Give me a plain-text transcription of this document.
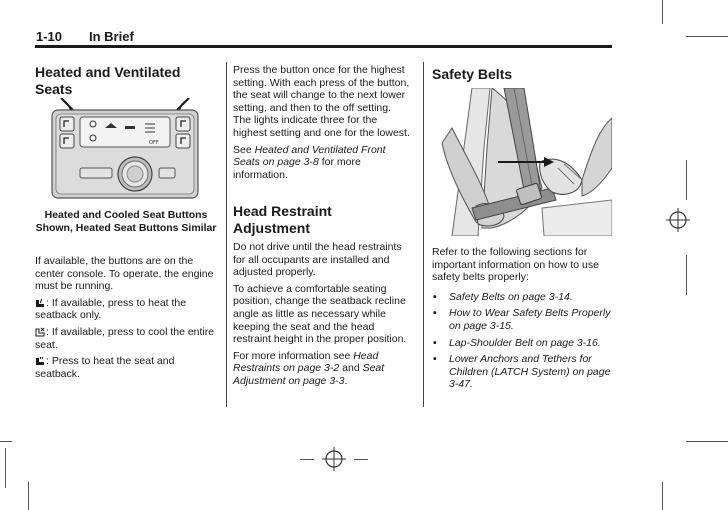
1-10 In Brief
Heated and Ventilated Seats
OFF
Heated and Cooled Seat Buttons Shown, Heated Seat Buttons Similar

If available, the buttons are on the center console. To operate, the engine must be running.

: If available, press to heat the seatback only.

: If available, press to cool the entire seat.

: Press to heat the seat and seatback.

Press the button once for the highest setting. With each press of the button, the seat will change to the next lower setting, and then to the off setting. The lights indicate three for the highest setting and one for the lowest.

See Heated and Ventilated Front Seats on page 3‑8 for more information.

Head Restraint Adjustment

Do not drive until the head restraints for all occupants are installed and adjusted properly.

To achieve a comfortable seating position, change the seatback recline angle as little as necessary while keeping the seat and the head restraint height in the proper position.

For more information see Head Restraints on page 3‑2 and Seat Adjustment on page 3‑3.

Safety Belts

Refer to the following sections for important information on how to use safety belts properly:

• Safety Belts on page 3‑14.
• How to Wear Safety Belts Properly on page 3‑15.
• Lap-Shoulder Belt on page 3‑16.
• Lower Anchors and Tethers for Children (LATCH System) on page 3‑47.
